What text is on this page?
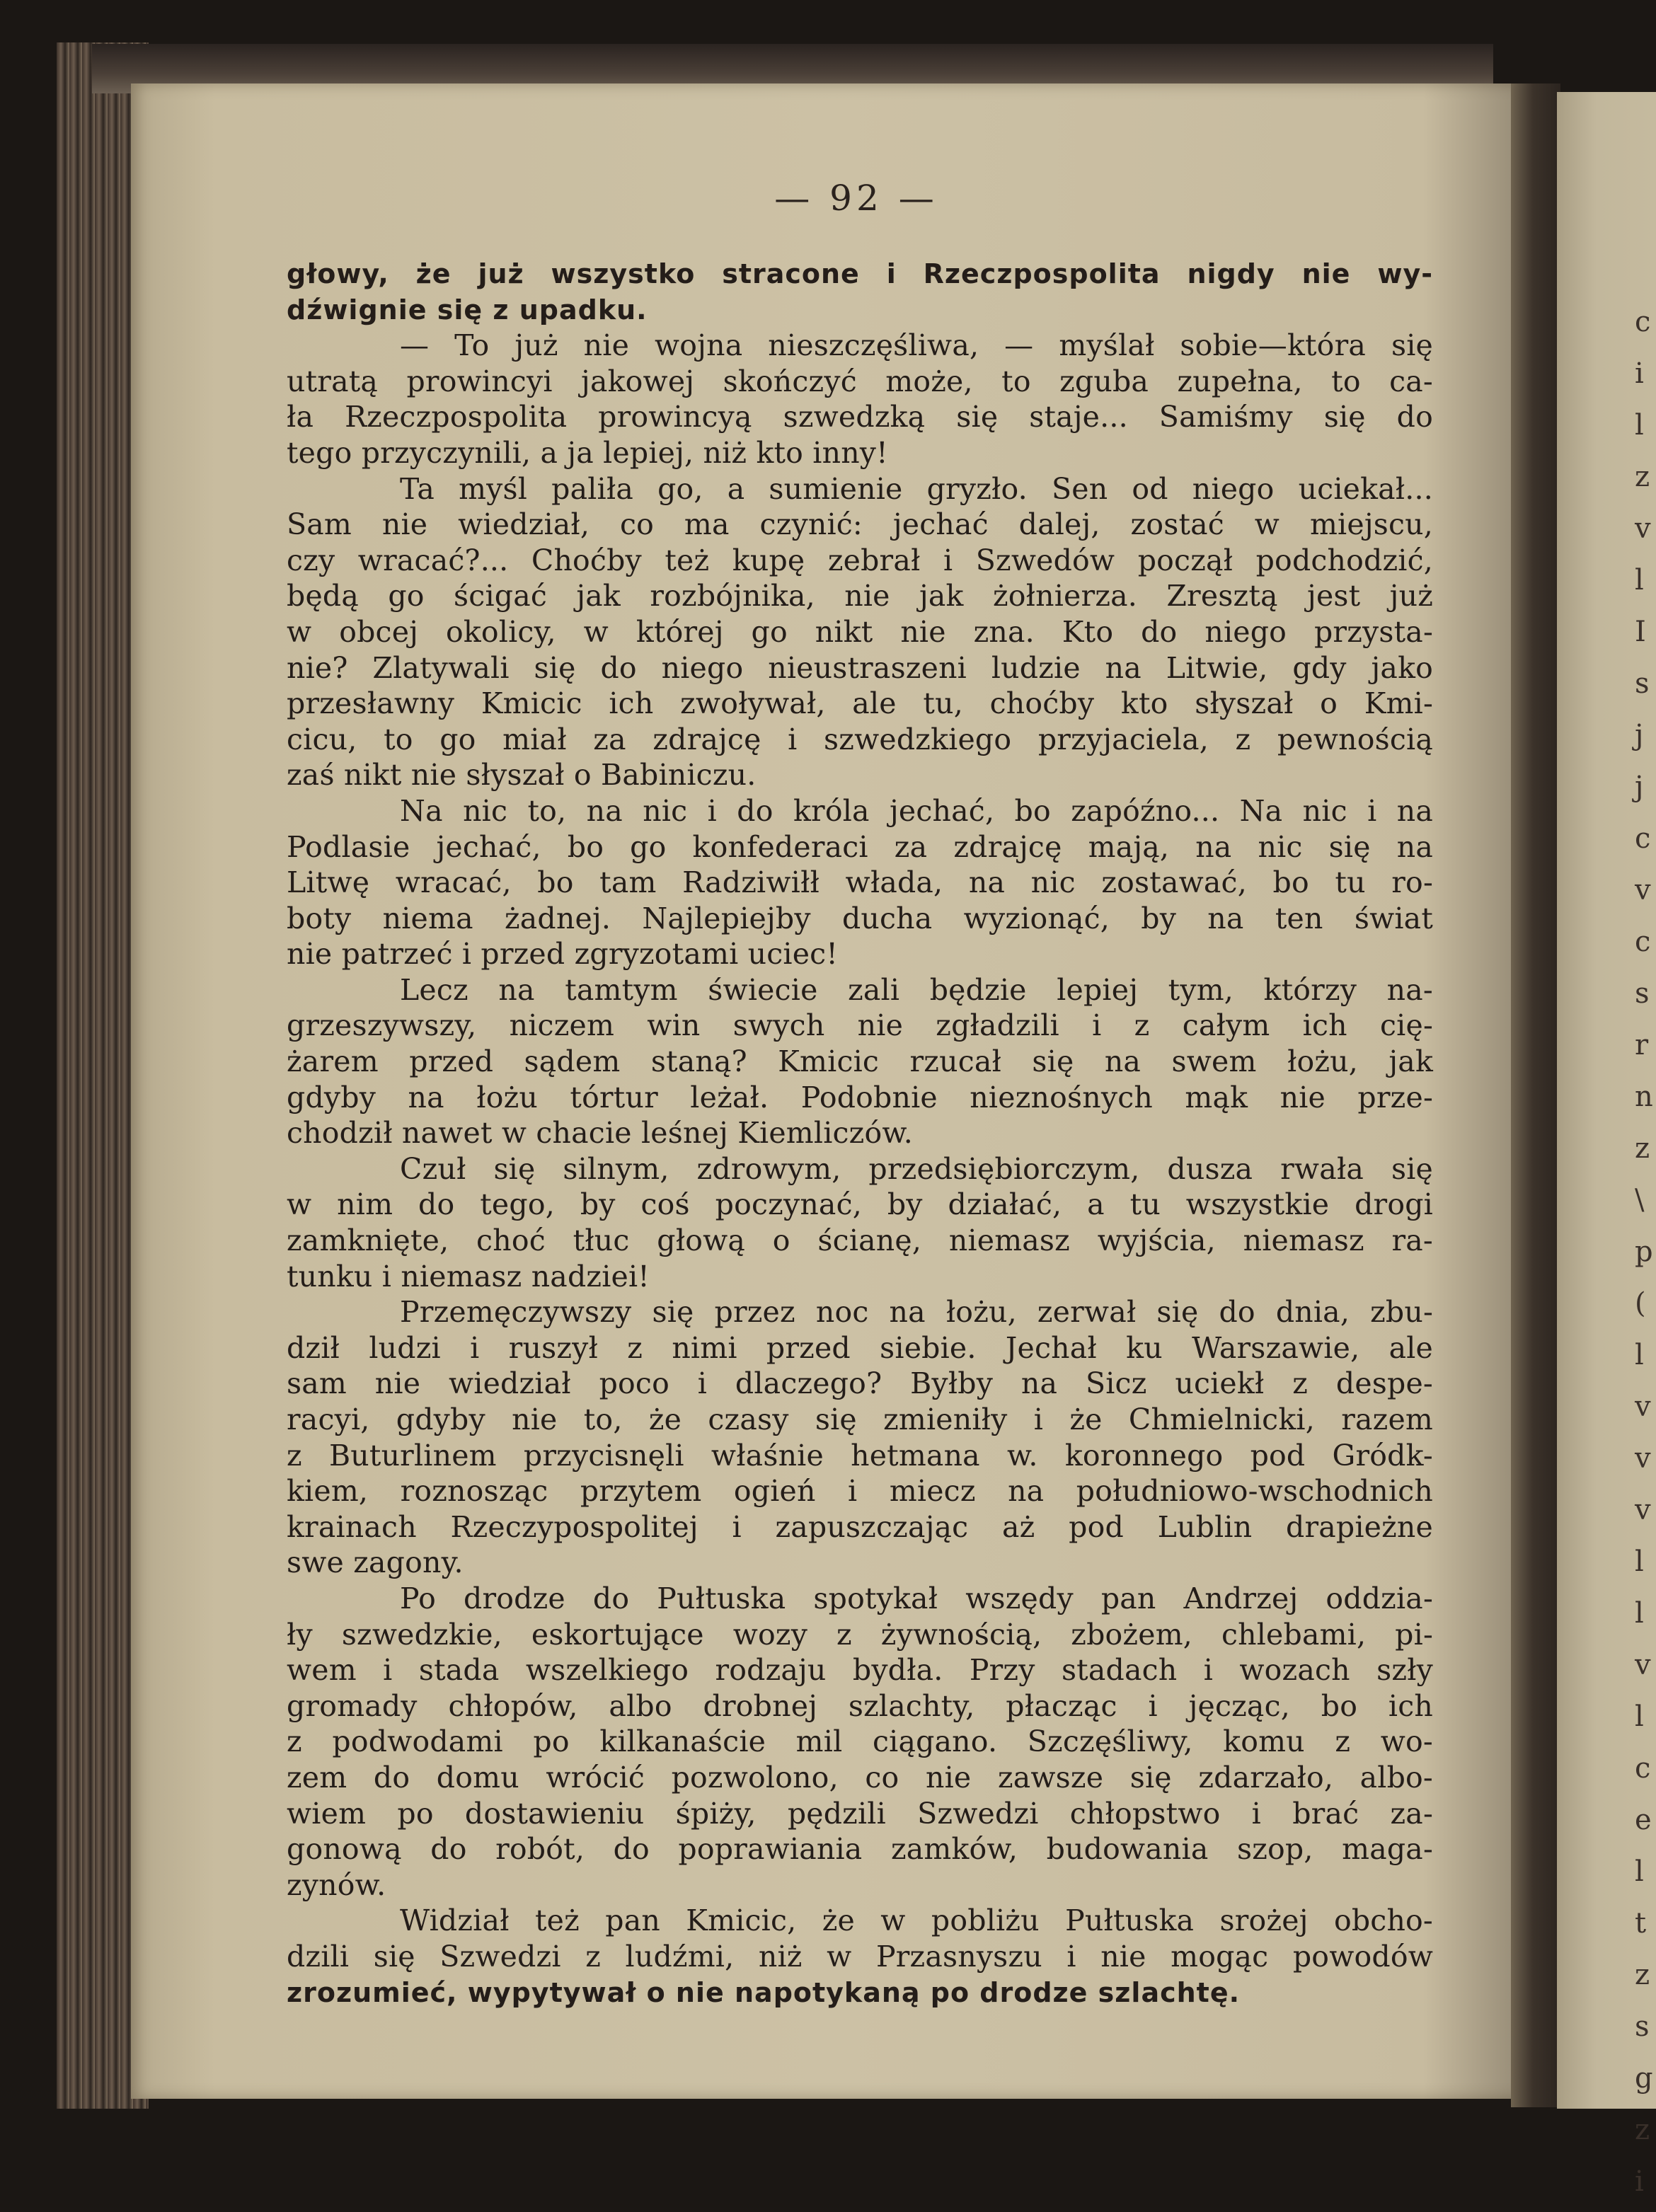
c
i
l
z
v
l
I
s
j
j
c
v
c
s
r
n
z
\
p
(
l
v
v
v
l
l
v
l
c
e
l
t
z
s
g
z
i
— 92 —
głowy, że już wszystko stracone i Rzeczpospolita nigdy nie wy-
dźwignie się z upadku.
— To już nie wojna nieszczęśliwa, — myślał sobie—która się
utratą prowincyi jakowej skończyć może, to zguba zupełna, to ca-
ła Rzeczpospolita prowincyą szwedzką się staje... Samiśmy się do
tego przyczynili, a ja lepiej, niż kto inny!
Ta myśl paliła go, a sumienie gryzło. Sen od niego uciekał...
Sam nie wiedział, co ma czynić: jechać dalej, zostać w miejscu,
czy wracać?... Choćby też kupę zebrał i Szwedów począł podchodzić,
będą go ścigać jak rozbójnika, nie jak żołnierza. Zresztą jest już
w obcej okolicy, w której go nikt nie zna. Kto do niego przysta-
nie? Zlatywali się do niego nieustraszeni ludzie na Litwie, gdy jako
przesławny Kmicic ich zwoływał, ale tu, choćby kto słyszał o Kmi-
cicu, to go miał za zdrajcę i szwedzkiego przyjaciela, z pewnością
zaś nikt nie słyszał o Babiniczu.
Na nic to, na nic i do króla jechać, bo zapóźno... Na nic i na
Podlasie jechać, bo go konfederaci za zdrajcę mają, na nic się na
Litwę wracać, bo tam Radziwiłł włada, na nic zostawać, bo tu ro-
boty niema żadnej. Najlepiejby ducha wyzionąć, by na ten świat
nie patrzeć i przed zgryzotami uciec!
Lecz na tamtym świecie zali będzie lepiej tym, którzy na-
grzeszywszy, niczem win swych nie zgładzili i z całym ich cię-
żarem przed sądem staną? Kmicic rzucał się na swem łożu, jak
gdyby na łożu tórtur leżał. Podobnie nieznośnych mąk nie prze-
chodził nawet w chacie leśnej Kiemliczów.
Czuł się silnym, zdrowym, przedsiębiorczym, dusza rwała się
w nim do tego, by coś poczynać, by działać, a tu wszystkie drogi
zamknięte, choć tłuc głową o ścianę, niemasz wyjścia, niemasz ra-
tunku i niemasz nadziei!
Przemęczywszy się przez noc na łożu, zerwał się do dnia, zbu-
dził ludzi i ruszył z nimi przed siebie. Jechał ku Warszawie, ale
sam nie wiedział poco i dlaczego? Byłby na Sicz uciekł z despe-
racyi, gdyby nie to, że czasy się zmieniły i że Chmielnicki, razem
z Buturlinem przycisnęli właśnie hetmana w. koronnego pod Gródk-
kiem, roznosząc przytem ogień i miecz na południowo-wschodnich
krainach Rzeczypospolitej i zapuszczając aż pod Lublin drapieżne
swe zagony.
Po drodze do Pułtuska spotykał wszędy pan Andrzej oddzia-
ły szwedzkie, eskortujące wozy z żywnością, zbożem, chlebami, pi-
wem i stada wszelkiego rodzaju bydła. Przy stadach i wozach szły
gromady chłopów, albo drobnej szlachty, płacząc i jęcząc, bo ich
z podwodami po kilkanaście mil ciągano. Szczęśliwy, komu z wo-
zem do domu wrócić pozwolono, co nie zawsze się zdarzało, albo-
wiem po dostawieniu śpiży, pędzili Szwedzi chłopstwo i brać za-
gonową do robót, do poprawiania zamków, budowania szop, maga-
zynów.
Widział też pan Kmicic, że w pobliżu Pułtuska srożej obcho-
dzili się Szwedzi z ludźmi, niż w Przasnyszu i nie mogąc powodów
zrozumieć, wypytywał o nie napotykaną po drodze szlachtę.
